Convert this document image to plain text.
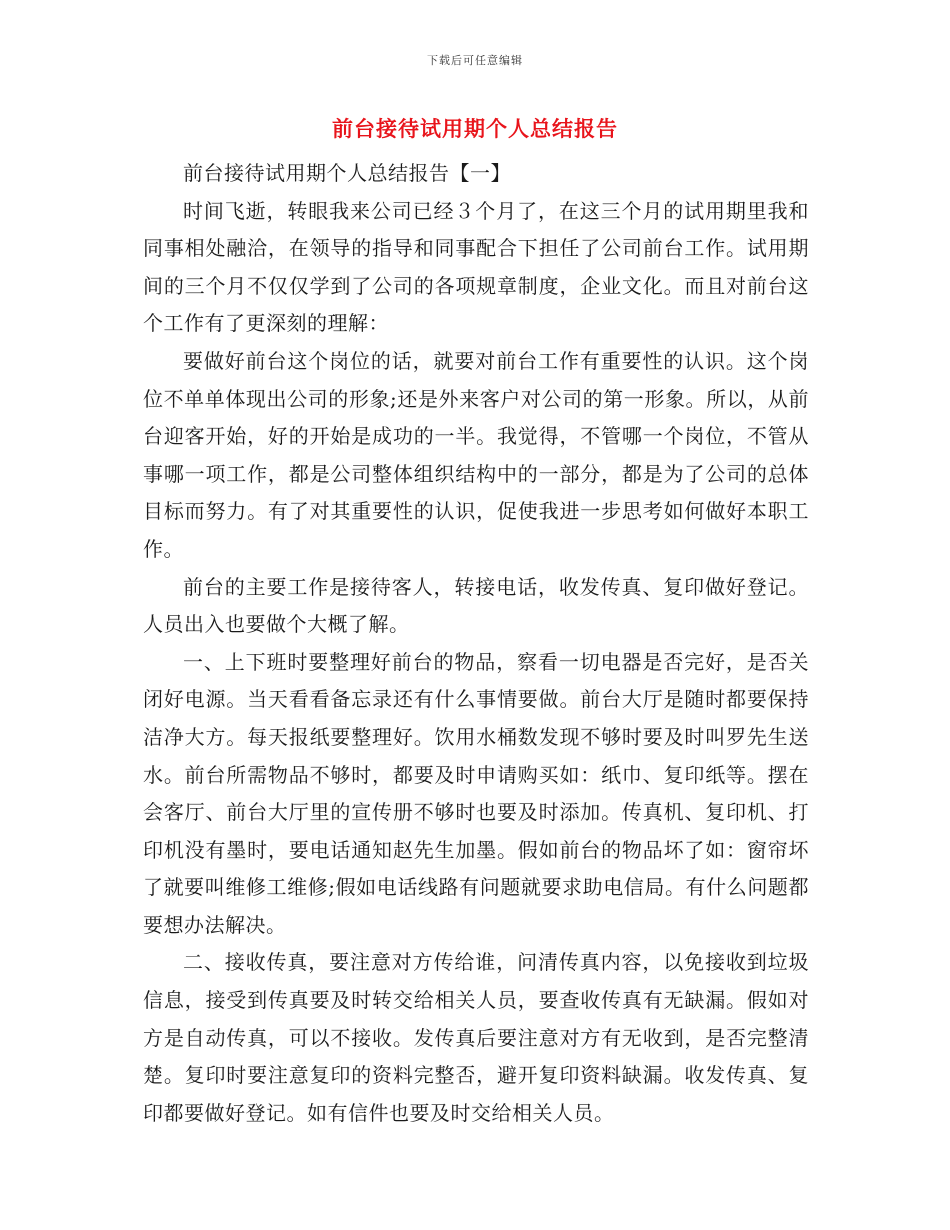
下载后可任意编辑
前台接待试用期个人总结报告

前台接待试用期个人总结报告【一】

时间飞逝，转眼我来公司已经３个月了，在这三个月的试用期里我和同事相处融洽，在领导的指导和同事配合下担任了公司前台工作。试用期间的三个月不仅仅学到了公司的各项规章制度，企业文化。而且对前台这个工作有了更深刻的理解：

要做好前台这个岗位的话，就要对前台工作有重要性的认识。这个岗位不单单体现出公司的形象;还是外来客户对公司的第一形象。所以，从前台迎客开始，好的开始是成功的一半。我觉得，不管哪一个岗位，不管从事哪一项工作，都是公司整体组织结构中的一部分，都是为了公司的总体目标而努力。有了对其重要性的认识，促使我进一步思考如何做好本职工作。

前台的主要工作是接待客人，转接电话，收发传真、复印做好登记。人员出入也要做个大概了解。

一、上下班时要整理好前台的物品，察看一切电器是否完好，是否关闭好电源。当天看看备忘录还有什么事情要做。前台大厅是随时都要保持洁净大方。每天报纸要整理好。饮用水桶数发现不够时要及时叫罗先生送水。前台所需物品不够时，都要及时申请购买如：纸巾、复印纸等。摆在会客厅、前台大厅里的宣传册不够时也要及时添加。传真机、复印机、打印机没有墨时，要电话通知赵先生加墨。假如前台的物品坏了如：窗帘坏了就要叫维修工维修;假如电话线路有问题就要求助电信局。有什么问题都要想办法解决。

二、接收传真，要注意对方传给谁，问清传真内容，以免接收到垃圾信息，接受到传真要及时转交给相关人员，要查收传真有无缺漏。假如对方是自动传真，可以不接收。发传真后要注意对方有无收到，是否完整清楚。复印时要注意复印的资料完整否，避开复印资料缺漏。收发传真、复印都要做好登记。如有信件也要及时交给相关人员。
